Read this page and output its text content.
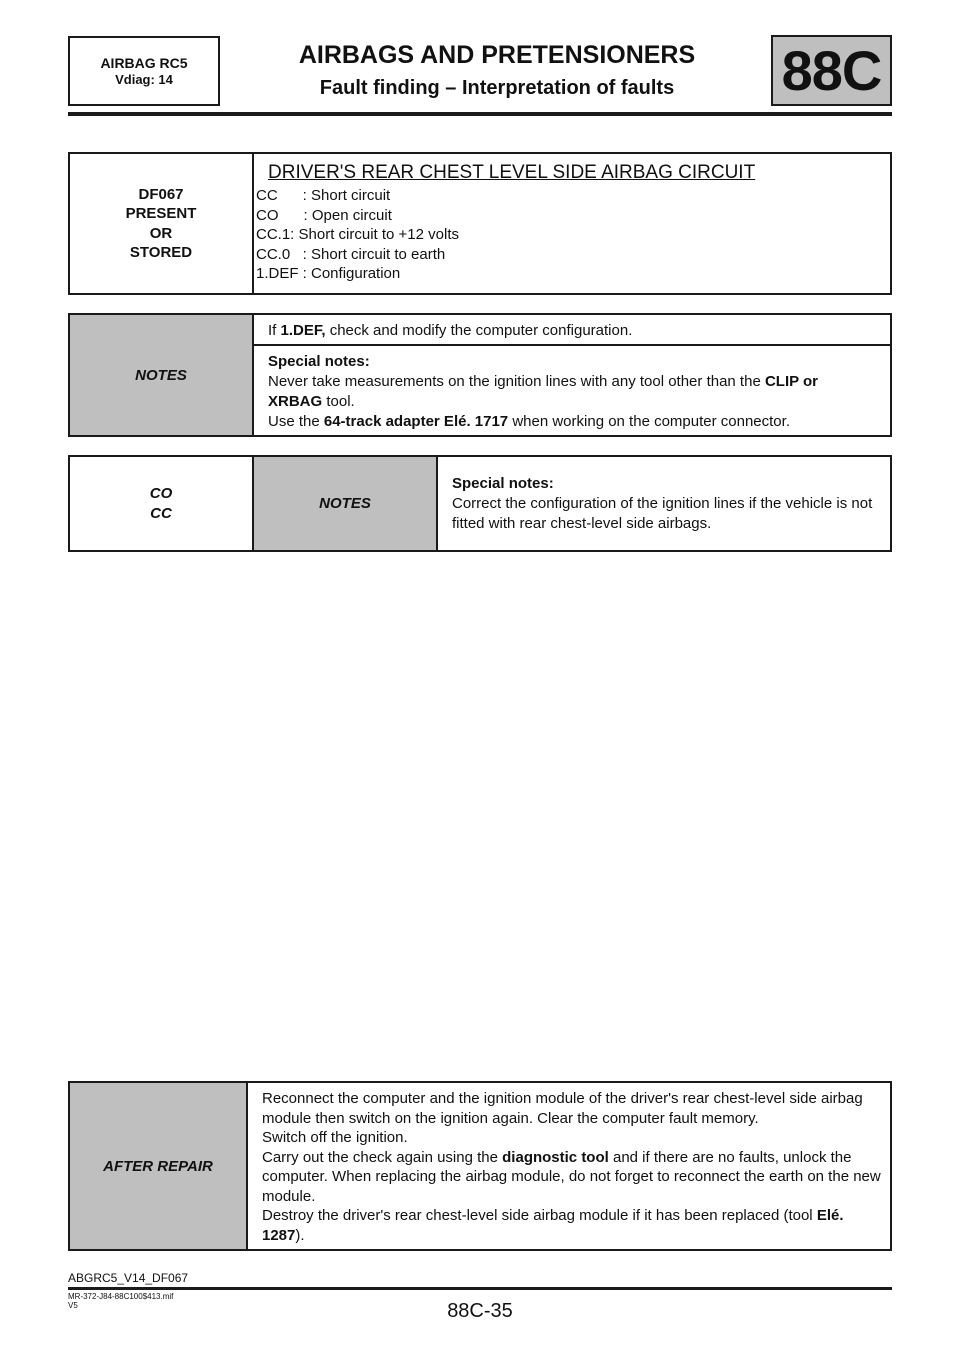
AIRBAG RC5
Vdiag: 14
AIRBAGS AND PRETENSIONERS
Fault finding – Interpretation of faults	88C
DF067
PRESENT
OR
STORED
DRIVER'S REAR CHEST LEVEL SIDE AIRBAG CIRCUIT
CC      : Short circuit
CO      : Open circuit
CC.1: Short circuit to +12 volts
CC.0   : Short circuit to earth
1.DEF : Configuration
NOTES
If 1.DEF, check and modify the computer configuration.
Special notes:
Never take measurements on the ignition lines with any tool other than the CLIP or
XRBAG tool.
Use the 64-track adapter Elé. 1717 when working on the computer connector.
CO
CC
NOTES
Special notes:
Correct the configuration of the ignition lines if the vehicle is not fitted with rear chest-level side airbags.
AFTER REPAIR
Reconnect the computer and the ignition module of the driver's rear chest-level side airbag module then switch on the ignition again. Clear the computer fault memory.
Switch off the ignition.
Carry out the check again using the diagnostic tool and if there are no faults, unlock the computer. When replacing the airbag module, do not forget to reconnect the earth on the new module.
Destroy the driver's rear chest-level side airbag module if it has been replaced (tool Elé. 1287).
ABGRC5_V14_DF067
MR-372-J84-88C100$413.mif
V5	88C-35
